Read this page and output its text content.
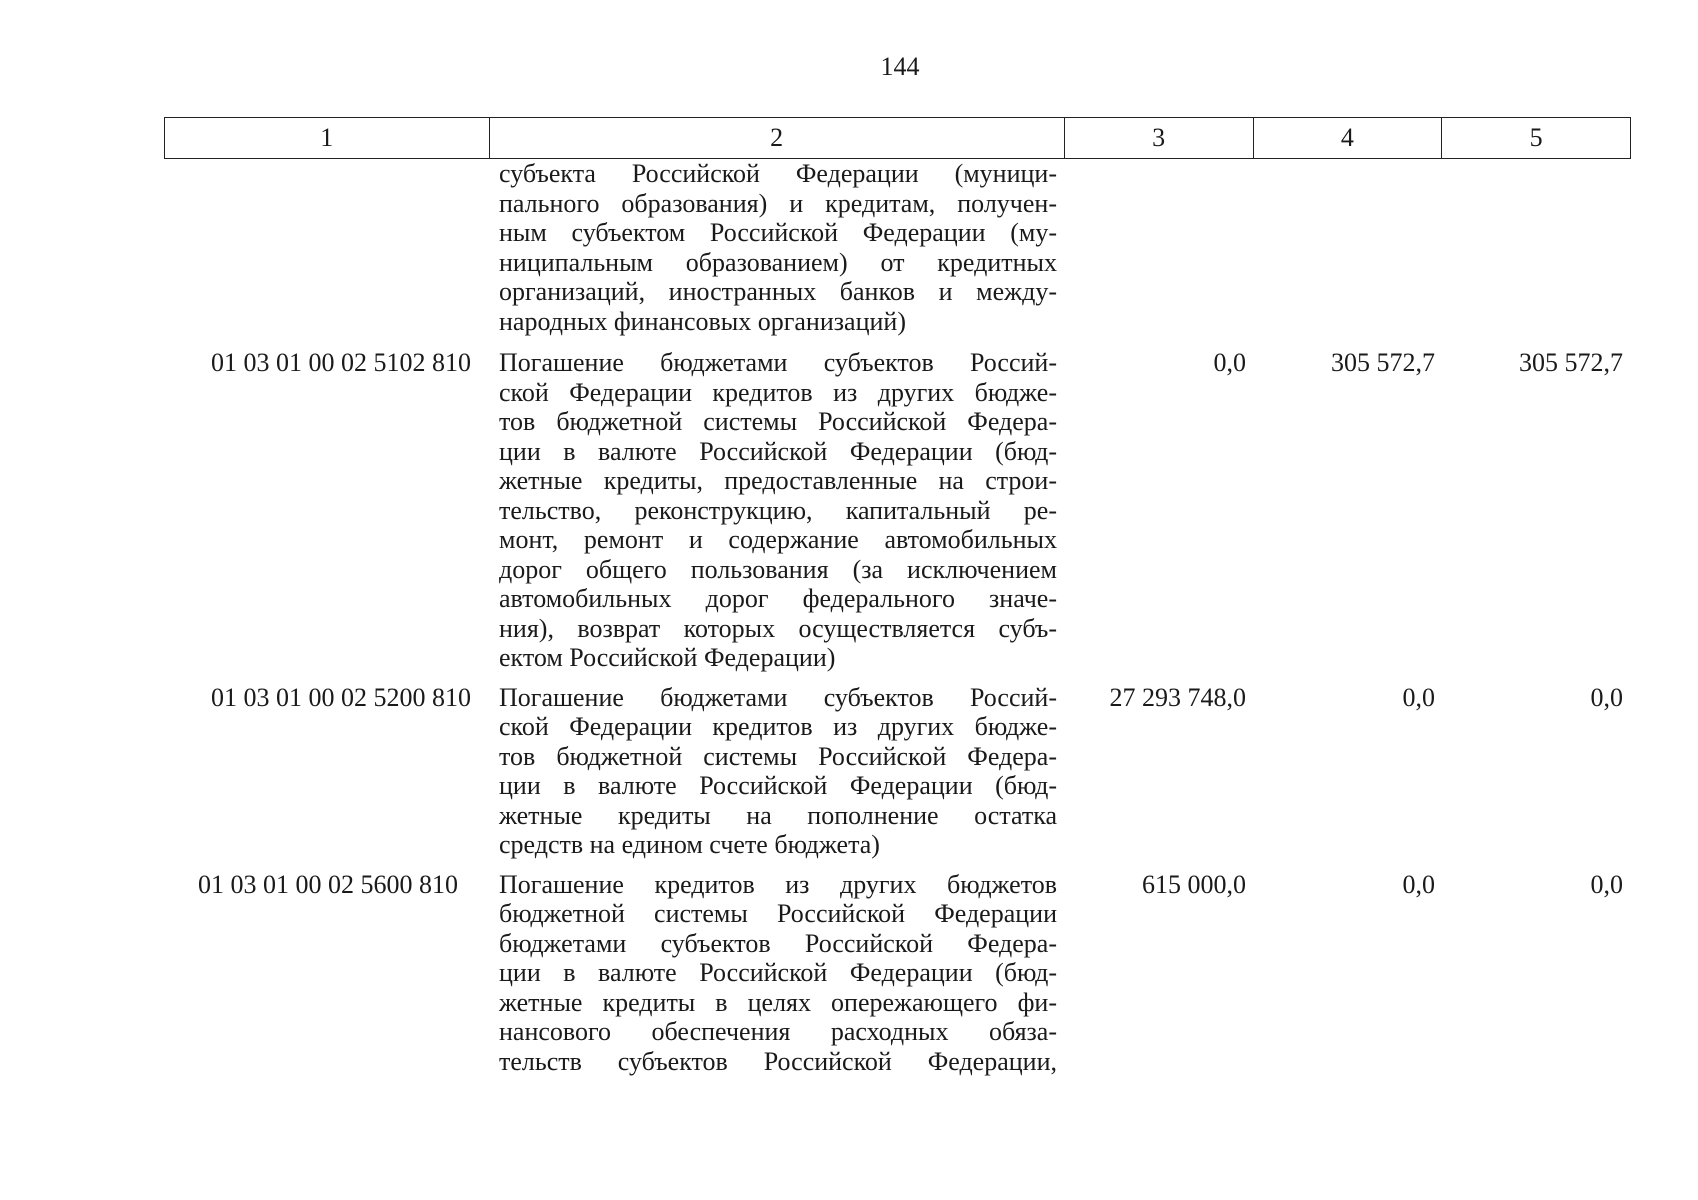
144
1	2	3	4	5
субъекта Российской Федерации (муници-
пального образования) и кредитам, получен-
ным субъектом Российской Федерации (му-
ниципальным образованием) от кредитных
организаций, иностранных банков и между-
народных финансовых организаций)
01 03 01 00 02 5102 810	Погашение бюджетами субъектов Россий-
ской Федерации кредитов из других бюдже-
тов бюджетной системы Российской Федера-
ции в валюте Российской Федерации (бюд-
жетные кредиты, предоставленные на строи-
тельство, реконструкцию, капитальный ре-
монт, ремонт и содержание автомобильных
дорог общего пользования (за исключением
автомобильных дорог федерального значе-
ния), возврат которых осуществляется субъ-
ектом Российской Федерации)
0,0	305 572,7	305 572,7
01 03 01 00 02 5200 810	Погашение бюджетами субъектов Россий-
ской Федерации кредитов из других бюдже-
тов бюджетной системы Российской Федера-
ции в валюте Российской Федерации (бюд-
жетные кредиты на пополнение остатка
средств на едином счете бюджета)
27 293 748,0	0,0	0,0
01 03 01 00 02 5600 810	Погашение кредитов из других бюджетов
бюджетной системы Российской Федерации
бюджетами субъектов Российской Федера-
ции в валюте Российской Федерации (бюд-
жетные кредиты в целях опережающего фи-
нансового обеспечения расходных обяза-
тельств субъектов Российской Федерации,
615 000,0	0,0	0,0
